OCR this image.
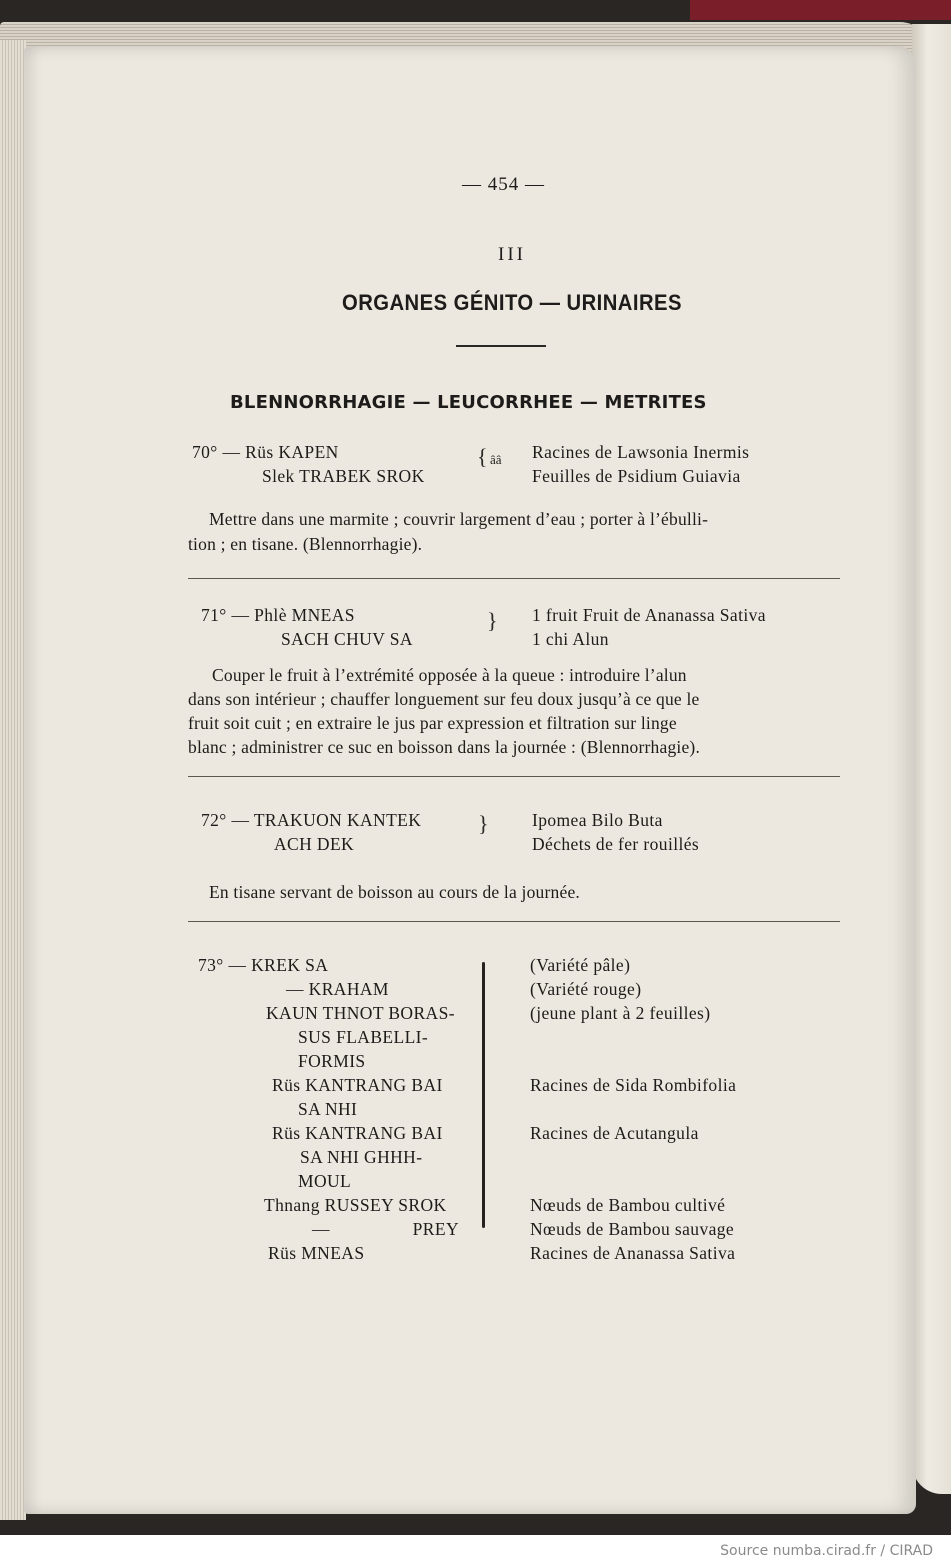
— 454 —
III
ORGANES GÉNITO — URINAIRES
BLENNORRHAGIE — LEUCORRHEE — METRITES
70° — Rüs KAPEN
Slek TRABEK SROK
{ ââ Racines de Lawsonia Inermis
Feuilles de Psidium Guiavia
Mettre dans une marmite ; couvrir largement d’eau ; porter à l’ébulli-
tion ; en tisane. (Blennorrhagie).
71° — Phlè MNEAS
SACH CHUV SA
} 1 fruit Fruit de Ananassa Sativa
1 chi Alun
Couper le fruit à l’extrémité opposée à la queue : introduire l’alun
dans son intérieur ; chauffer longuement sur feu doux jusqu’à ce que le
fruit soit cuit ; en extraire le jus par expression et filtration sur linge
blanc ; administrer ce suc en boisson dans la journée : (Blennorrhagie).
72° — TRAKUON KANTEK
ACH DEK
} Ipomea Bilo Buta
Déchets de fer rouillés
En tisane servant de boisson au cours de la journée.
73° — KREK SA
— KRAHAM
KAUN THNOT BORAS-
SUS FLABELLI-
FORMIS
Rüs KANTRANG BAI
SA NHI
Rüs KANTRANG BAI
SA NHI GHHH-
MOUL
Thnang RUSSEY SROK
— PREY
Rüs MNEAS
(Variété pâle)
(Variété rouge)
(jeune plant à 2 feuilles)
Racines de Sida Rombifolia
Racines de Acutangula
Nœuds de Bambou cultivé
Nœuds de Bambou sauvage
Racines de Ananassa Sativa
Source numba.cirad.fr / CIRAD
